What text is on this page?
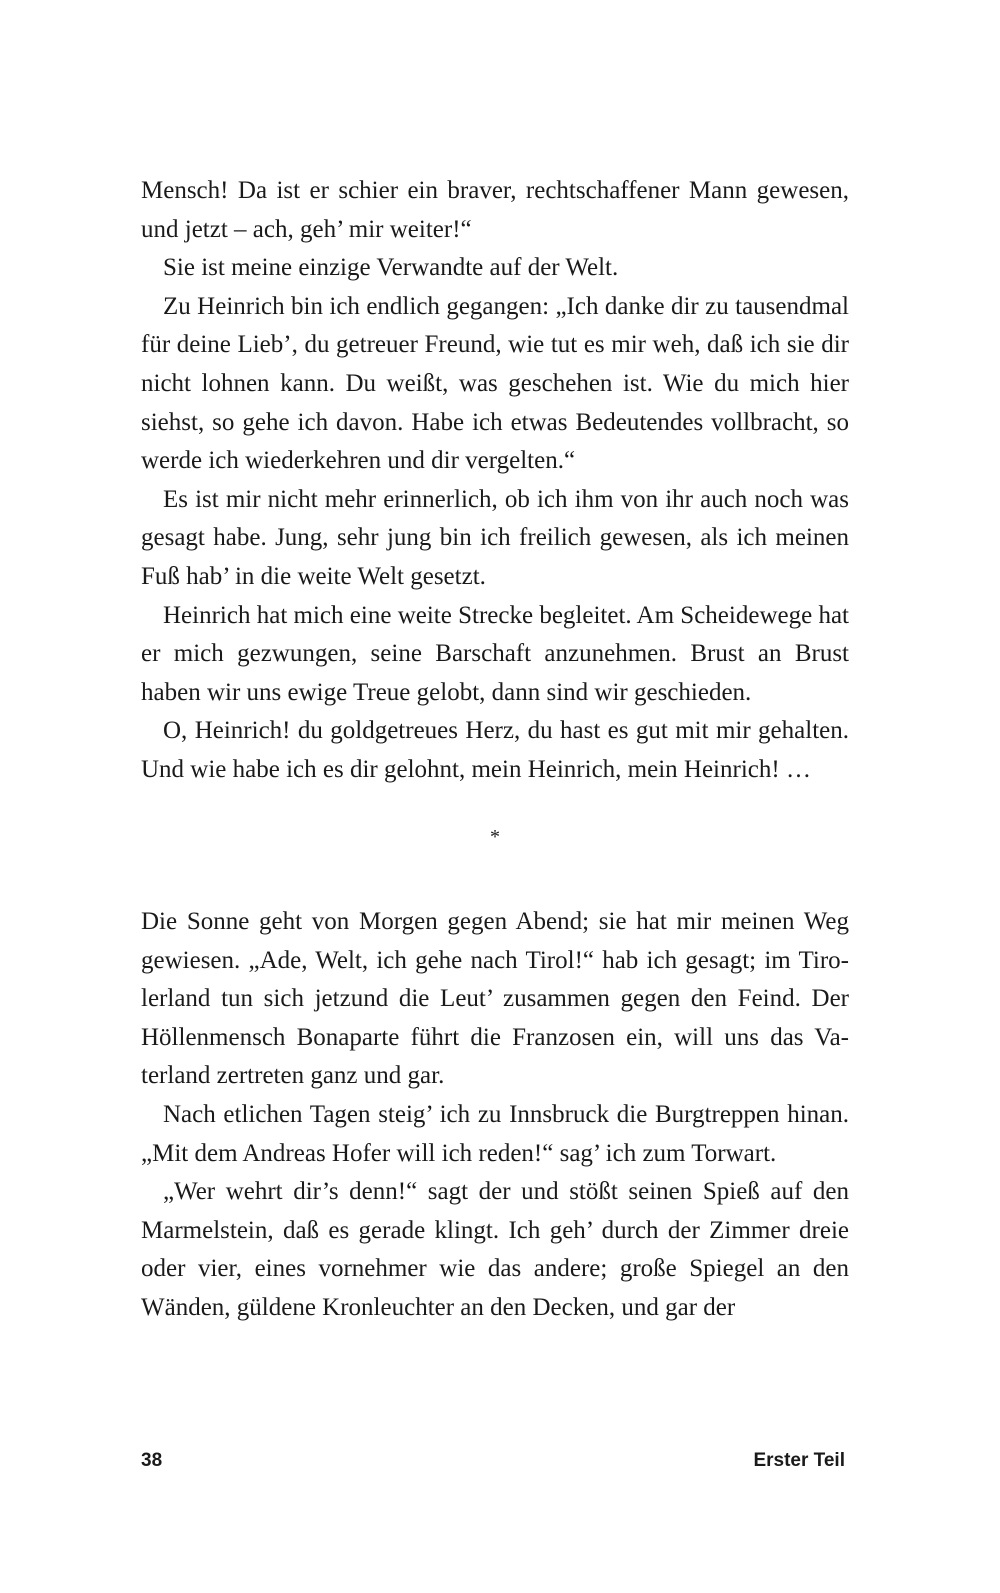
Mensch! Da ist er schier ein braver, rechtschaffener Mann gewesen, und jetzt – ach, geh’ mir weiter!“

Sie ist meine einzige Verwandte auf der Welt.

Zu Heinrich bin ich endlich gegangen: „Ich danke dir zu tausendmal für deine Lieb’, du getreuer Freund, wie tut es mir weh, daß ich sie dir nicht lohnen kann. Du weißt, was geschehen ist. Wie du mich hier siehst, so gehe ich davon. Habe ich etwas Bedeutendes vollbracht, so werde ich wiederkehren und dir vergelten.“

Es ist mir nicht mehr erinnerlich, ob ich ihm von ihr auch noch was gesagt habe. Jung, sehr jung bin ich freilich gewesen, als ich meinen Fuß hab’ in die weite Welt gesetzt.

Heinrich hat mich eine weite Strecke begleitet. Am Scheidewege hat er mich gezwungen, seine Barschaft anzunehmen. Brust an Brust haben wir uns ewige Treue gelobt, dann sind wir geschieden.

O, Heinrich! du goldgetreues Herz, du hast es gut mit mir gehalten. Und wie habe ich es dir gelohnt, mein Heinrich, mein Heinrich! …

*

Die Sonne geht von Morgen gegen Abend; sie hat mir meinen Weg gewiesen. „Ade, Welt, ich gehe nach Tirol!“ hab ich gesagt; im Tirolerland tun sich jetzund die Leut’ zusammen gegen den Feind. Der Höllenmensch Bonaparte führt die Franzosen ein, will uns das Vaterland zertreten ganz und gar.

Nach etlichen Tagen steig’ ich zu Innsbruck die Burgtreppen hinan. „Mit dem Andreas Hofer will ich reden!“ sag’ ich zum Torwart.

„Wer wehrt dir’s denn!“ sagt der und stößt seinen Spieß auf den Marmelstein, daß es gerade klingt. Ich geh’ durch der Zimmer dreie oder vier, eines vornehmer wie das andere; große Spiegel an den Wänden, güldene Kronleuchter an den Decken, und gar der

38	Erster Teil
